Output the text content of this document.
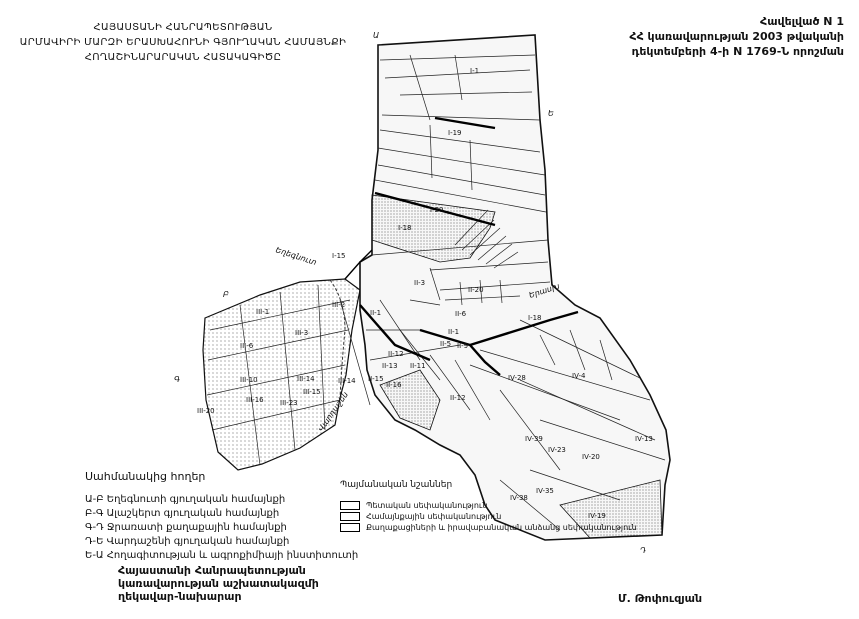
ՀԱՅԱՍՏԱՆԻ ՀԱՆՐԱՊԵՏՈՒԹՅԱՆ
ԱՐՄԱՎԻՐԻ ՄԱՐԶԻ ԵՐԱՍԽԱՀՈՒՆԻ ԳՅՈՒՂԱԿԱՆ ՀԱՄԱՅՆՔԻ
ՀՈՂԱՇԻՆԱՐԱՐԱԿԱՆ ՀԱՏԱԿԱԳԻԾԸ
Հավելված N 1
ՀՀ կառավարության 2003 թվականի
դեկտեմբերի 4-ի N 1769-Ն որոշման
Ա
Բ
Գ
Դ
Ե
Եղեգնուտ
Երասխ
Վարդաշեն
I-1
I-19
I-20
I-18
I-15
II-3
II-20
II-6
II-1
II-5 II-9
II-1
II-12
II-13 II-11
II-15
II-16
II-12
I-18
III-2
III-1
III-3
III-6
III-10	III-14	III-14
III-15
III-16 III-23
III-20
IV-28	IV-4
IV-13
IV-39
IV-23
IV-20
IV-35
IV-38
IV-19
Սահմանակից հողեր
Ա-Բ Եղեգնուտի գյուղական համայնքի
Բ-Գ Ալաշկերտ գյուղական համայնքի
Գ-Դ Ջրառատի քաղաքային համայնքի
Դ-Ե Վարդաշենի գյուղական համայնքի
Ե-Ա Հողագիտության և ագրոքիմիայի ինստիտուտի
Պայմանական նշաններ
Պետական սեփականություն
Համայնքային սեփականություն
Քաղաքացիների և իրավաբանական անձանց սեփականություն
Հայաստանի Հանրապետության
կառավարության աշխատակազմի
ղեկավար-նախարար	Մ. Թոփուզյան
